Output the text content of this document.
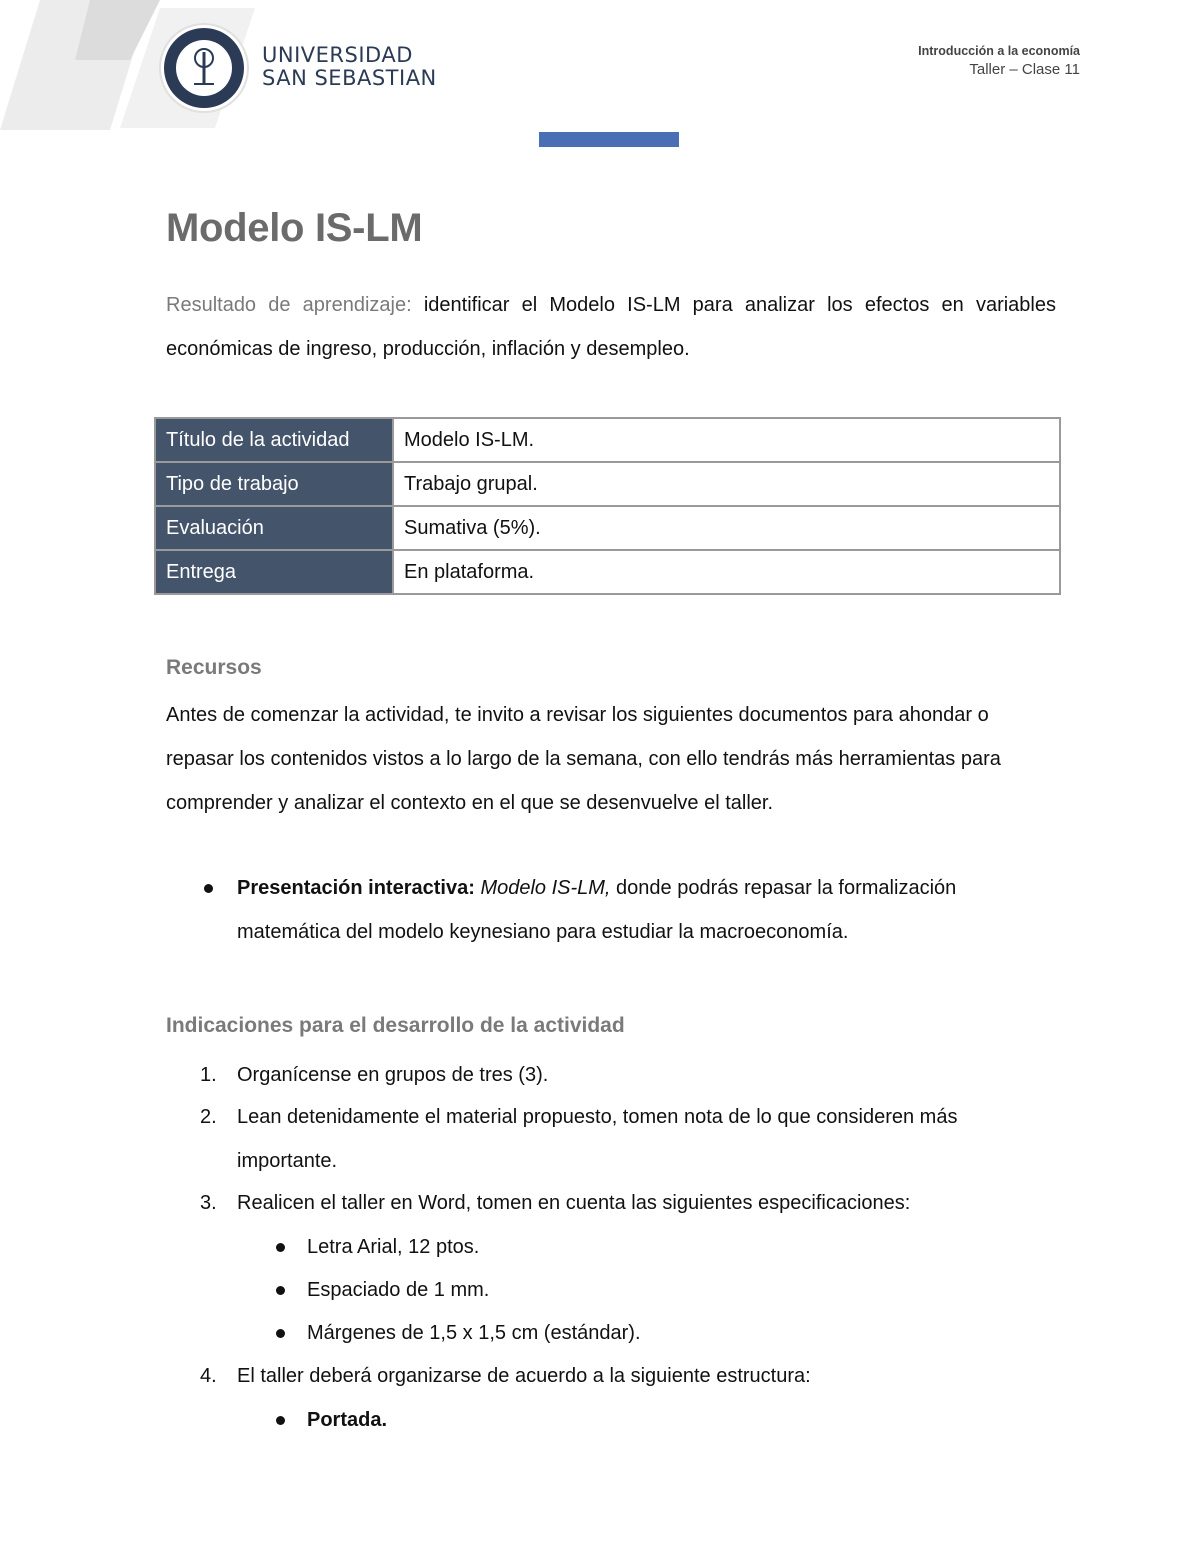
UNIVERSIDAD
SAN SEBASTIAN
Introducción a la economía
Taller – Clase 11
Modelo IS-LM
Resultado de aprendizaje: identificar el Modelo IS-LM para analizar los efectos en variables económicas de ingreso, producción, inflación y desempleo.
Título de la actividad	Modelo IS-LM.
Tipo de trabajo	Trabajo grupal.
Evaluación	Sumativa (5%).
Entrega	En plataforma.
Recursos
Antes de comenzar la actividad, te invito a revisar los siguientes documentos para ahondar o repasar los contenidos vistos a lo largo de la semana, con ello tendrás más herramientas para comprender y analizar el contexto en el que se desenvuelve el taller.
Presentación interactiva: Modelo IS-LM, donde podrás repasar la formalización matemática del modelo keynesiano para estudiar la macroeconomía.
Indicaciones para el desarrollo de la actividad
1. Organícense en grupos de tres (3).
2. Lean detenidamente el material propuesto, tomen nota de lo que consideren más importante.
3. Realicen el taller en Word, tomen en cuenta las siguientes especificaciones:
Letra Arial, 12 ptos.
Espaciado de 1 mm.
Márgenes de 1,5 x 1,5 cm (estándar).
4. El taller deberá organizarse de acuerdo a la siguiente estructura:
Portada.
